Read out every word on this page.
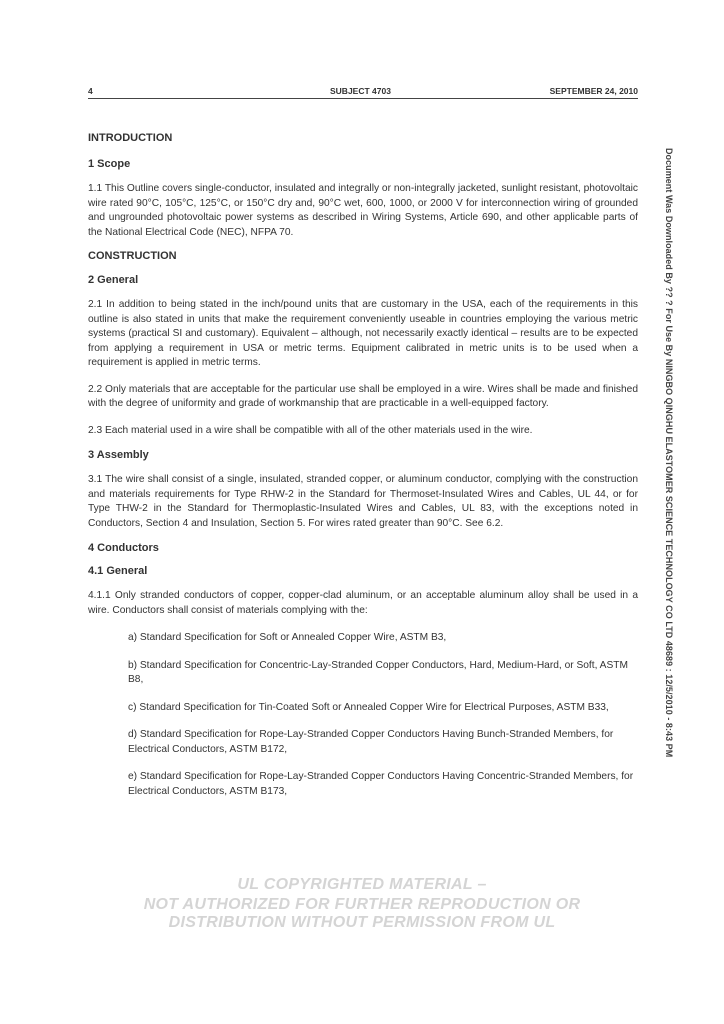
4	SUBJECT 4703	SEPTEMBER 24, 2010
INTRODUCTION
1 Scope

1.1 This Outline covers single-conductor, insulated and integrally or non-integrally jacketed, sunlight resistant, photovoltaic wire rated 90°C, 105°C, 125°C, or 150°C dry and, 90°C wet, 600, 1000, or 2000 V for interconnection wiring of grounded and ungrounded photovoltaic power systems as described in Wiring Systems, Article 690, and other applicable parts of the National Electrical Code (NEC), NFPA 70.

CONSTRUCTION
2 General

2.1 In addition to being stated in the inch/pound units that are customary in the USA, each of the requirements in this outline is also stated in units that make the requirement conveniently useable in countries employing the various metric systems (practical SI and customary). Equivalent – although, not necessarily exactly identical – results are to be expected from applying a requirement in USA or metric terms. Equipment calibrated in metric units is to be used when a requirement is applied in metric terms.

2.2 Only materials that are acceptable for the particular use shall be employed in a wire. Wires shall be made and finished with the degree of uniformity and grade of workmanship that are practicable in a well-equipped factory.

2.3 Each material used in a wire shall be compatible with all of the other materials used in the wire.

3 Assembly

3.1 The wire shall consist of a single, insulated, stranded copper, or aluminum conductor, complying with the construction and materials requirements for Type RHW-2 in the Standard for Thermoset-Insulated Wires and Cables, UL 44, or for Type THW-2 in the Standard for Thermoplastic-Insulated Wires and Cables, UL 83, with the exceptions noted in Conductors, Section 4 and Insulation, Section 5. For wires rated greater than 90°C. See 6.2.

4 Conductors
4.1 General

4.1.1 Only stranded conductors of copper, copper-clad aluminum, or an acceptable aluminum alloy shall be used in a wire. Conductors shall consist of materials complying with the:

a) Standard Specification for Soft or Annealed Copper Wire, ASTM B3,

b) Standard Specification for Concentric-Lay-Stranded Copper Conductors, Hard, Medium-Hard, or Soft, ASTM B8,

c) Standard Specification for Tin-Coated Soft or Annealed Copper Wire for Electrical Purposes, ASTM B33,

d) Standard Specification for Rope-Lay-Stranded Copper Conductors Having Bunch-Stranded Members, for Electrical Conductors, ASTM B172,

e) Standard Specification for Rope-Lay-Stranded Copper Conductors Having Concentric-Stranded Members, for Electrical Conductors, ASTM B173,

Document Was Downloaded By ?? ? For Use By NINGBO QINGHU ELASTOMER SCIENCE TECHNOLOGY CO LTD 48689 : 12/5/2010 - 8:43 PM
UL COPYRIGHTED MATERIAL –
NOT AUTHORIZED FOR FURTHER REPRODUCTION OR
DISTRIBUTION WITHOUT PERMISSION FROM UL
